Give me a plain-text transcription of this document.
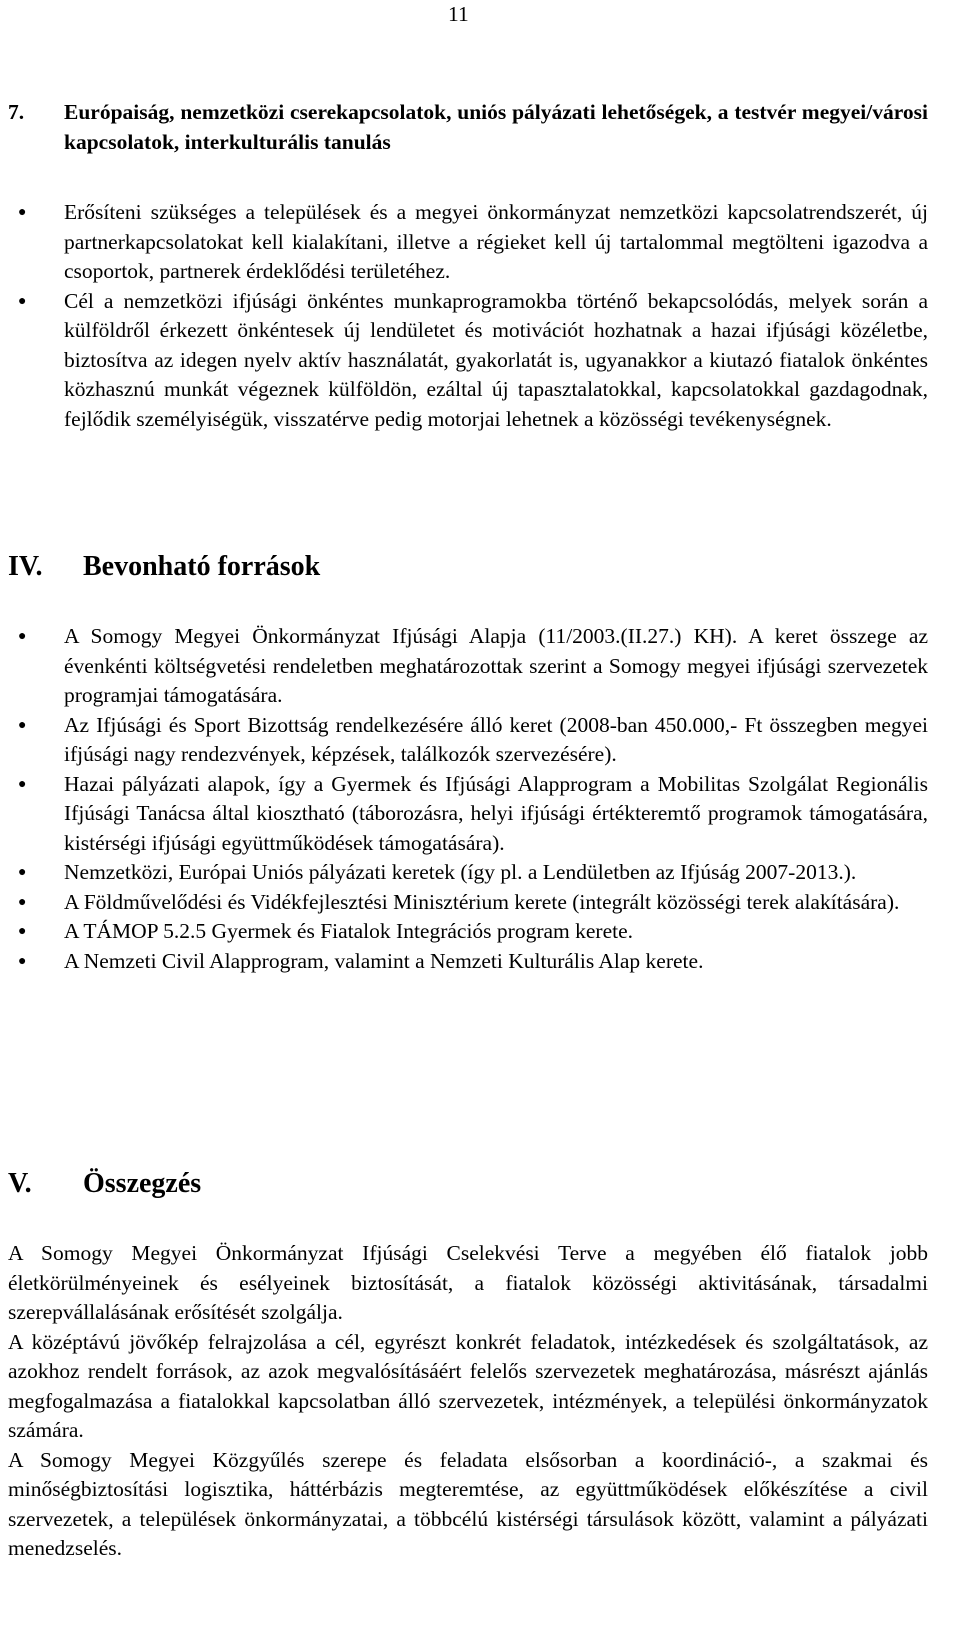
11
7. Európaiság, nemzetközi cserekapcsolatok, uniós pályázati lehetőségek, a testvér megyei/városi kapcsolatok, interkulturális tanulás
● Erősíteni szükséges a települések és a megyei önkormányzat nemzetközi kapcsolatrendszerét, új partnerkapcsolatokat kell kialakítani, illetve a régieket kell új tartalommal megtölteni igazodva a csoportok, partnerek érdeklődési területéhez.
● Cél a nemzetközi ifjúsági önkéntes munkaprogramokba történő bekapcsolódás, melyek során a külföldről érkezett önkéntesek új lendületet és motivációt hozhatnak a hazai ifjúsági közéletbe, biztosítva az idegen nyelv aktív használatát, gyakorlatát is, ugyanakkor a kiutazó fiatalok önkéntes közhasznú munkát végeznek külföldön, ezáltal új tapasztalatokkal, kapcsolatokkal gazdagodnak, fejlődik személyiségük, visszatérve pedig motorjai lehetnek a közösségi tevékenységnek.
IV. Bevonható források
● A Somogy Megyei Önkormányzat Ifjúsági Alapja (11/2003.(II.27.) KH). A keret összege az évenkénti költségvetési rendeletben meghatározottak szerint a Somogy megyei ifjúsági szervezetek programjai támogatására.
● Az Ifjúsági és Sport Bizottság rendelkezésére álló keret (2008-ban 450.000,- Ft összegben megyei ifjúsági nagy rendezvények, képzések, találkozók szervezésére).
● Hazai pályázati alapok, így a Gyermek és Ifjúsági Alapprogram a Mobilitas Szolgálat Regionális Ifjúsági Tanácsa által kiosztható (táborozásra, helyi ifjúsági értékteremtő programok támogatására, kistérségi ifjúsági együttműködések támogatására).
● Nemzetközi, Európai Uniós pályázati keretek (így pl. a Lendületben az Ifjúság 2007-2013.).
● A Földművelődési és Vidékfejlesztési Minisztérium kerete (integrált közösségi terek alakítására).
● A TÁMOP 5.2.5 Gyermek és Fiatalok Integrációs program kerete.
● A Nemzeti Civil Alapprogram, valamint a Nemzeti Kulturális Alap kerete.
V. Összegzés

A Somogy Megyei Önkormányzat Ifjúsági Cselekvési Terve a megyében élő fiatalok jobb életkörülményeinek és esélyeinek biztosítását, a fiatalok közösségi aktivitásának, társadalmi szerepvállalásának erősítését szolgálja.

A középtávú jövőkép felrajzolása a cél, egyrészt konkrét feladatok, intézkedések és szolgáltatások, az azokhoz rendelt források, az azok megvalósításáért felelős szervezetek meghatározása, másrészt ajánlás megfogalmazása a fiatalokkal kapcsolatban álló szervezetek, intézmények, a települési önkormányzatok számára.

A Somogy Megyei Közgyűlés szerepe és feladata elsősorban a koordináció-, a szakmai és minőségbiztosítási logisztika, háttérbázis megteremtése, az együttműködések előkészítése a civil szervezetek, a települések önkormányzatai, a többcélú kistérségi társulások között, valamint a pályázati menedzselés.
